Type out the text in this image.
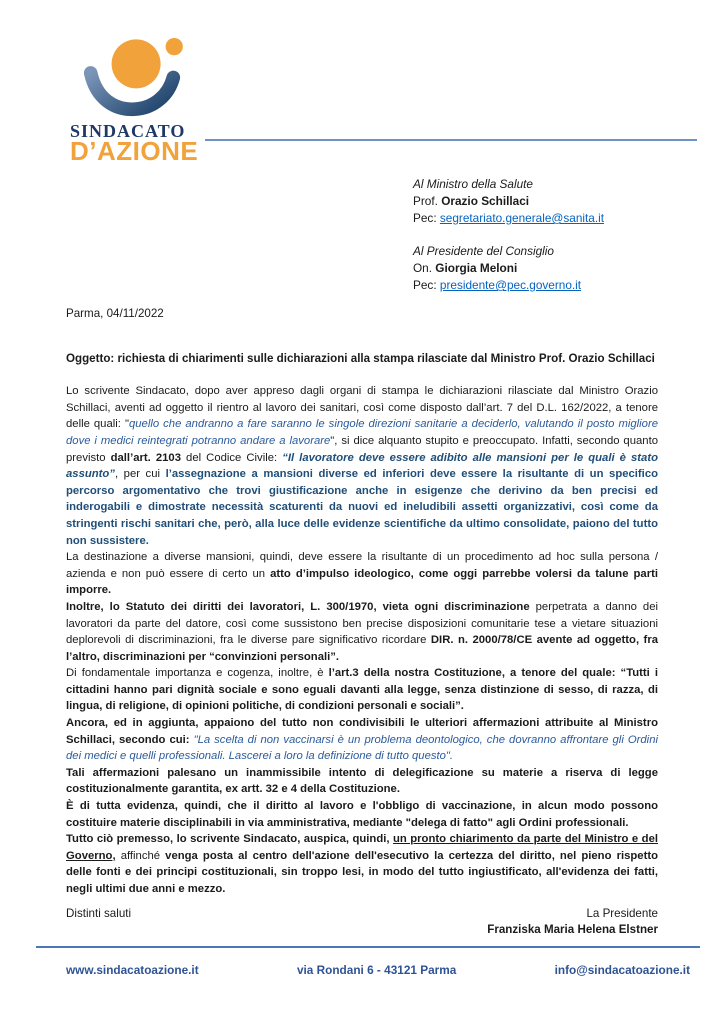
SINDACATO
D’AZIONE
Al Ministro della Salute
Prof. Orazio Schillaci
Pec: segretariato.generale@sanita.it
Al Presidente del Consiglio
On. Giorgia Meloni
Pec: presidente@pec.governo.it
Parma, 04/11/2022
Oggetto: richiesta di chiarimenti sulle dichiarazioni alla stampa rilasciate dal Ministro Prof. Orazio Schillaci

Lo scrivente Sindacato, dopo aver appreso dagli organi di stampa le dichiarazioni rilasciate dal Ministro Orazio Schillaci, aventi ad oggetto il rientro al lavoro dei sanitari, così come disposto dall’art. 7 del D.L. 162/2022, a tenore delle quali: "quello che andranno a fare saranno le singole direzioni sanitarie a deciderlo, valutando il posto migliore dove i medici reintegrati potranno andare a lavorare", si dice alquanto stupito e preoccupato. Infatti, secondo quanto previsto dall’art. 2103 del Codice Civile: “Il lavoratore deve essere adibito alle mansioni per le quali è stato assunto”, per cui l’assegnazione a mansioni diverse ed inferiori deve essere la risultante di un specifico percorso argomentativo che trovi giustificazione anche in esigenze che derivino da ben precisi ed inderogabili e dimostrate necessità scaturenti da nuovi ed ineludibili assetti organizzativi, così come da stringenti rischi sanitari che, però, alla luce delle evidenze scientifiche da ultimo consolidate, paiono del tutto non sussistere.

La destinazione a diverse mansioni, quindi, deve essere la risultante di un procedimento ad hoc sulla persona / azienda e non può essere di certo un atto d’impulso ideologico, come oggi parrebbe volersi da talune parti imporre.

Inoltre, lo Statuto dei diritti dei lavoratori, L. 300/1970, vieta ogni discriminazione perpetrata a danno dei lavoratori da parte del datore, così come sussistono ben precise disposizioni comunitarie tese a vietare situazioni deplorevoli di discriminazioni, fra le diverse pare significativo ricordare DIR. n. 2000/78/CE avente ad oggetto, fra l’altro, discriminazioni per “convinzioni personali”.

Di fondamentale importanza e cogenza, inoltre, è l’art.3 della nostra Costituzione, a tenore del quale: “Tutti i cittadini hanno pari dignità sociale e sono eguali davanti alla legge, senza distinzione di sesso, di razza, di lingua, di religione, di opinioni politiche, di condizioni personali e sociali”.

Ancora, ed in aggiunta, appaiono del tutto non condivisibili le ulteriori affermazioni attribuite al Ministro Schillaci, secondo cui: "La scelta di non vaccinarsi è un problema deontologico, che dovranno affrontare gli Ordini dei medici e quelli professionali. Lascerei a loro la definizione di tutto questo".

Tali affermazioni palesano un inammissibile intento di delegificazione su materie a riserva di legge costituzionalmente garantita, ex artt. 32 e 4 della Costituzione.

È di tutta evidenza, quindi, che il diritto al lavoro e l'obbligo di vaccinazione, in alcun modo possono costituire materie disciplinabili in via amministrativa, mediante "delega di fatto" agli Ordini professionali.

Tutto ciò premesso, lo scrivente Sindacato, auspica, quindi, un pronto chiarimento da parte del Ministro e del Governo, affinché venga posta al centro dell'azione dell'esecutivo la certezza del diritto, nel pieno rispetto delle fonti e dei principi costituzionali, sin troppo lesi, in modo del tutto ingiustificato, all'evidenza dei fatti, negli ultimi due anni e mezzo.

Distinti saluti	La Presidente
Franziska Maria Helena Elstner
www.sindacatoazione.it	via Rondani 6 - 43121 Parma	info@sindacatoazione.it
